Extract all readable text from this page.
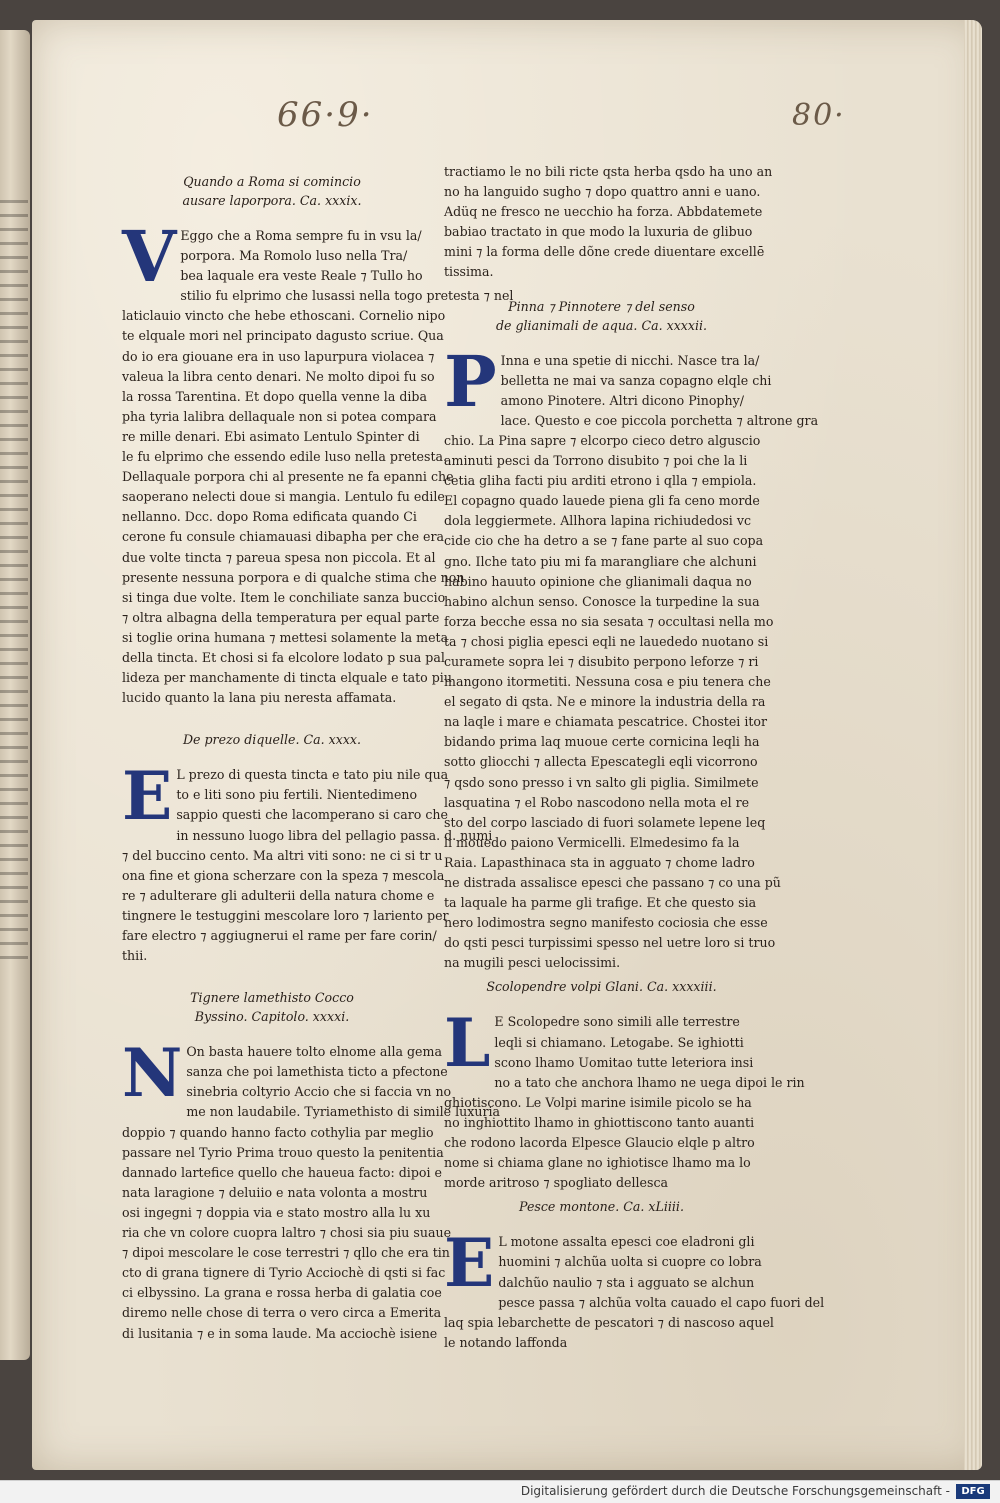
66·9·	80·
Quando a Roma si comincio
ausare laporpora. Ca. xxxix.
V Eggo che a Roma sempre fu in vsu la/
porpora. Ma Romolo luso nella Tra/
bea laquale era veste Reale ⁊ Tullo ho
stilio fu elprimo che lusassi nella togo pretesta ⁊ nel
laticlauio vincto che hebe ethoscani. Cornelio nipo
te elquale mori nel principato dagusto scriue. Qua
do io era giouane era in uso lapurpura violacea ⁊
valeua la libra cento denari. Ne molto dipoi fu so
la rossa Tarentina. Et dopo quella venne la diba
pha tyria lalibra dellaquale non si potea compara
re mille denari. Ebi asimato Lentulo Spinter di
le fu elprimo che essendo edile luso nella pretesta.
Dellaquale porpora chi al presente ne fa epanni che
saoperano nelecti doue si mangia. Lentulo fu edile
nellanno. Dcc. dopo Roma edificata quando Ci
cerone fu consule chiamauasi dibapha per che era
due volte tincta ⁊ pareua spesa non piccola. Et al
presente nessuna porpora e di qualche stima che non
si tinga due volte. Item le conchiliate sanza buccio
⁊ oltra albagna della temperatura per equal parte
si toglie orina humana ⁊ mettesi solamente la meta
della tincta. Et chosi si fa elcolore lodato p sua pal
lideza per manchamente di tincta elquale e tato piu
lucido quanto la lana piu neresta affamata.
De prezo diquelle. Ca. xxxx.
E L prezo di questa tincta e tato piu nile qua
to e liti sono piu fertili. Nientedimeno
sappio questi che lacomperano si caro che
in nessuno luogo libra del pellagio passa. d. numi
⁊ del buccino cento. Ma altri viti sono: ne ci si tr u
ona fine et giona scherzare con la speza ⁊ mescola
re ⁊ adulterare gli adulterii della natura chome e
tingnere le testuggini mescolare loro ⁊ lariento per
fare electro ⁊ aggiugnerui el rame per fare corin/
thii.
Tignere lamethisto Cocco
Byssino. Capitolo. xxxxi.
N On basta hauere tolto elnome alla gema
sanza che poi lamethista ticto a pfectone
sinebria coltyrio Accio che si faccia vn no
me non laudabile. Tyriamethisto di simile luxuria
doppio ⁊ quando hanno facto cothylia par meglio
passare nel Tyrio Prima trouo questo la penitentia
dannado lartefice quello che haueua facto: dipoi e
nata laragione ⁊ deluiio e nata volonta a mostru
osi ingegni ⁊ doppia via e stato mostro alla lu xu
ria che vn colore cuopra laltro ⁊ chosi sia piu suaue
⁊ dipoi mescolare le cose terrestri ⁊ qllo che era tin
cto di grana tignere di Tyrio Acciochè di qsti si fac
ci elbyssino. La grana e rossa herba di galatia coe
diremo nelle chose di terra o vero circa a Emerita
di lusitania ⁊ e in soma laude. Ma acciochè isiene
tractiamo le no bili ricte qsta herba qsdo ha uno an
no ha languido sugho ⁊ dopo quattro anni e uano.
Adüq ne fresco ne uecchio ha forza. Abbdatemete
babiao tractato in que modo la luxuria de glibuo
mini ⁊ la forma delle dõne crede diuentare excellē
tissima.
Pinna ⁊ Pinnotere ⁊ del senso
de glianimali de aqua. Ca. xxxxii.
P Inna e una spetie di nicchi. Nasce tra la/
belletta ne mai va sanza copagno elqle chi
amono Pinotere. Altri dicono Pinophy/
lace. Questo e coe piccola porchetta ⁊ altrone gra
chio. La Pina sapre ⁊ elcorpo cieco detro alguscio
aminuti pesci da Torrono disubito ⁊ poi che la li
cetia gliha facti piu arditi etrono i qlla ⁊ empiola.
El copagno quado lauede piena gli fa ceno morde
dola leggiermete. Allhora lapina richiudedosi vc
cide cio che ha detro a se ⁊ fane parte al suo copa
gno. Ilche tato piu mi fa marangliare che alchuni
habino hauuto opinione che glianimali daqua no
habino alchun senso. Conosce la turpedine la sua
forza becche essa no sia sesata ⁊ occultasi nella mo
ta ⁊ chosi piglia epesci eqli ne lauededo nuotano si
curamete sopra lei ⁊ disubito perpono leforze ⁊ ri
mangono itormetiti. Nessuna cosa e piu tenera che
el segato di qsta. Ne e minore la industria della ra
na laqle i mare e chiamata pescatrice. Chostei itor
bidando prima laq muoue certe cornicina leqli ha
sotto gliocchi ⁊ allecta Epescategli eqli vicorrono
⁊ qsdo sono presso i vn salto gli piglia. Similmete
lasquatina ⁊ el Robo nascodono nella mota el re
sto del corpo lasciado di fuori solamete lepene leq
li mouedo paiono Vermicelli. Elmedesimo fa la
Raia. Lapasthinaca sta in agguato ⁊ chome ladro
ne distrada assalisce epesci che passano ⁊ co una pũ
ta laquale ha parme gli trafige. Et che questo sia
nero lodimostra segno manifesto cociosia che esse
do qsti pesci turpissimi spesso nel uetre loro si truo
na mugili pesci uelocissimi.
Scolopendre volpi Glani. Ca. xxxxiii.
L E Scolopedre sono simili alle terrestre
leqli si chiamano. Letogabe. Se ighiotti
scono lhamo Uomitao tutte leteriora insi
no a tato che anchora lhamo ne uega dipoi le rin
ghiotiscono. Le Volpi marine isimile picolo se ha
no inghiottito lhamo in ghiottiscono tanto auanti
che rodono lacorda Elpesce Glaucio elqle p altro
nome si chiama glane no ighiotisce lhamo ma lo
morde aritroso ⁊ spogliato dellesca
Pesce montone. Ca. xLiiii.
E L motone assalta epesci coe eladroni gli
huomini ⁊ alchũa uolta si cuopre co lobra
dalchũo naulio ⁊ sta i agguato se alchun
pesce passa ⁊ alchũa volta cauado el capo fuori del
laq spia lebarchette de pescatori ⁊ di nascoso aquel
le notando laffonda
Digitalisierung gefördert durch die Deutsche Forschungsgemeinschaft -	DFG
